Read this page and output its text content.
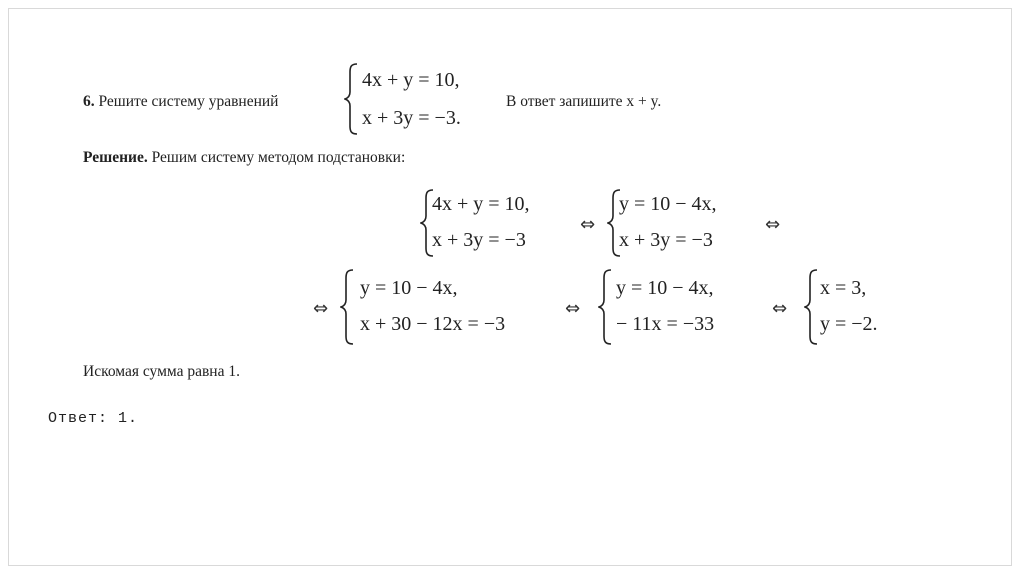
6. Решите систему уравнений
4x + y = 10,
x + 3y = −3.
В ответ запишите x + y.
Решение. Решим систему методом подстановки:
4x + y = 10,
x + 3y = −3
⇔
y = 10 − 4x,
x + 3y = −3
⇔
⇔
y = 10 − 4x,
x + 30 − 12x = −3
⇔
y = 10 − 4x,
− 11x = −33
⇔
x = 3,
y = −2.
Искомая сумма равна 1.
Ответ: 1.
